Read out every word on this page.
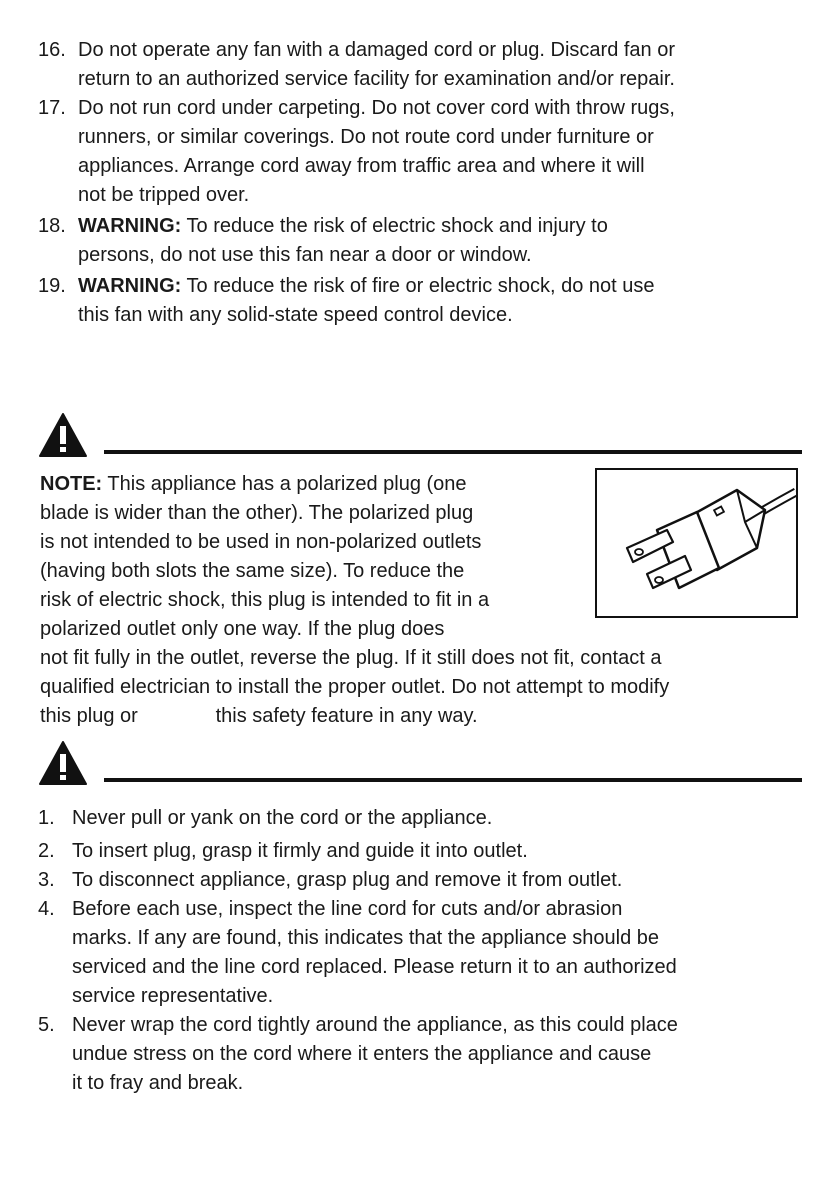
16. Do not operate any fan with a damaged cord or plug. Discard fan or
return to an authorized service facility for examination and/or repair.
17. Do not run cord under carpeting. Do not cover cord with throw rugs,
runners, or similar coverings. Do not route cord under furniture or
appliances. Arrange cord away from traffic area and where it will
not be tripped over.
18. WARNING: To reduce the risk of electric shock and injury to
persons, do not use this fan near a door or window.
19. WARNING: To reduce the risk of fire or electric shock, do not use
this fan with any solid-state speed control device.
NOTE: This appliance has a polarized plug (one
blade is wider than the other). The polarized plug
is not intended to be used in non-polarized outlets
(having both slots the same size). To reduce the
risk of electric shock, this plug is intended to fit in a
polarized outlet only one way. If the plug does
not fit fully in the outlet, reverse the plug. If it still does not fit, contact a
qualified electrician to install the proper outlet. Do not attempt to modify
this plug or              this safety feature in any way.
1. Never pull or yank on the cord or the appliance.
2. To insert plug, grasp it firmly and guide it into outlet.
3. To disconnect appliance, grasp plug and remove it from outlet.
4. Before each use, inspect the line cord for cuts and/or abrasion
marks. If any are found, this indicates that the appliance should be
serviced and the line cord replaced. Please return it to an authorized
service representative.
5. Never wrap the cord tightly around the appliance, as this could place
undue stress on the cord where it enters the appliance and cause
it to fray and break.
